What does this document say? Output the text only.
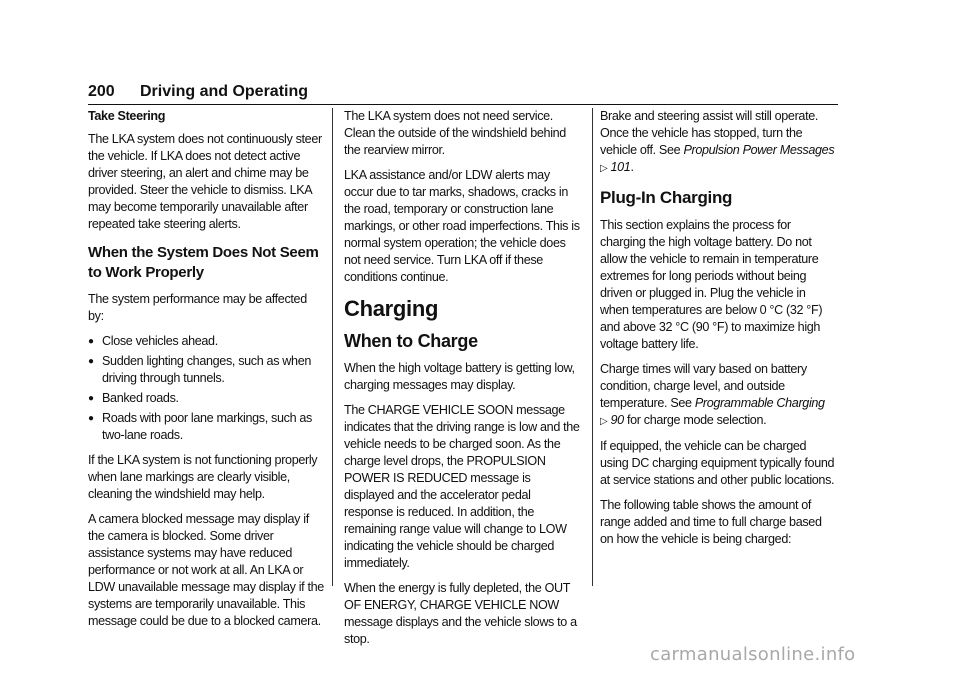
200 Driving and Operating

Take Steering

The LKA system does not continuously steer the vehicle. If LKA does not detect active driver steering, an alert and chime may be provided. Steer the vehicle to dismiss. LKA may become temporarily unavailable after repeated take steering alerts.

When the System Does Not Seem to Work Properly

The system performance may be affected by:

● Close vehicles ahead.
● Sudden lighting changes, such as when driving through tunnels.
● Banked roads.
● Roads with poor lane markings, such as two-lane roads.

If the LKA system is not functioning properly when lane markings are clearly visible, cleaning the windshield may help.

A camera blocked message may display if the camera is blocked. Some driver assistance systems may have reduced performance or not work at all. An LKA or LDW unavailable message may display if the systems are temporarily unavailable. This message could be due to a blocked camera.

The LKA system does not need service. Clean the outside of the windshield behind the rearview mirror.

LKA assistance and/or LDW alerts may occur due to tar marks, shadows, cracks in the road, temporary or construction lane markings, or other road imperfections. This is normal system operation; the vehicle does not need service. Turn LKA off if these conditions continue.

Charging
When to Charge

When the high voltage battery is getting low, charging messages may display.

The CHARGE VEHICLE SOON message indicates that the driving range is low and the vehicle needs to be charged soon. As the charge level drops, the PROPULSION POWER IS REDUCED message is displayed and the accelerator pedal response is reduced. In addition, the remaining range value will change to LOW indicating the vehicle should be charged immediately.

When the energy is fully depleted, the OUT OF ENERGY, CHARGE VEHICLE NOW message displays and the vehicle slows to a stop.

Brake and steering assist will still operate. Once the vehicle has stopped, turn the vehicle off. See Propulsion Power Messages
▷ 101.

Plug-In Charging

This section explains the process for charging the high voltage battery. Do not allow the vehicle to remain in temperature extremes for long periods without being driven or plugged in. Plug the vehicle in when temperatures are below 0 °C (32 °F) and above 32 °C (90 °F) to maximize high voltage battery life.

Charge times will vary based on battery condition, charge level, and outside temperature. See Programmable Charging
▷ 90 for charge mode selection.

If equipped, the vehicle can be charged using DC charging equipment typically found at service stations and other public locations.

The following table shows the amount of range added and time to full charge based on how the vehicle is being charged:

carmanualsonline.info
